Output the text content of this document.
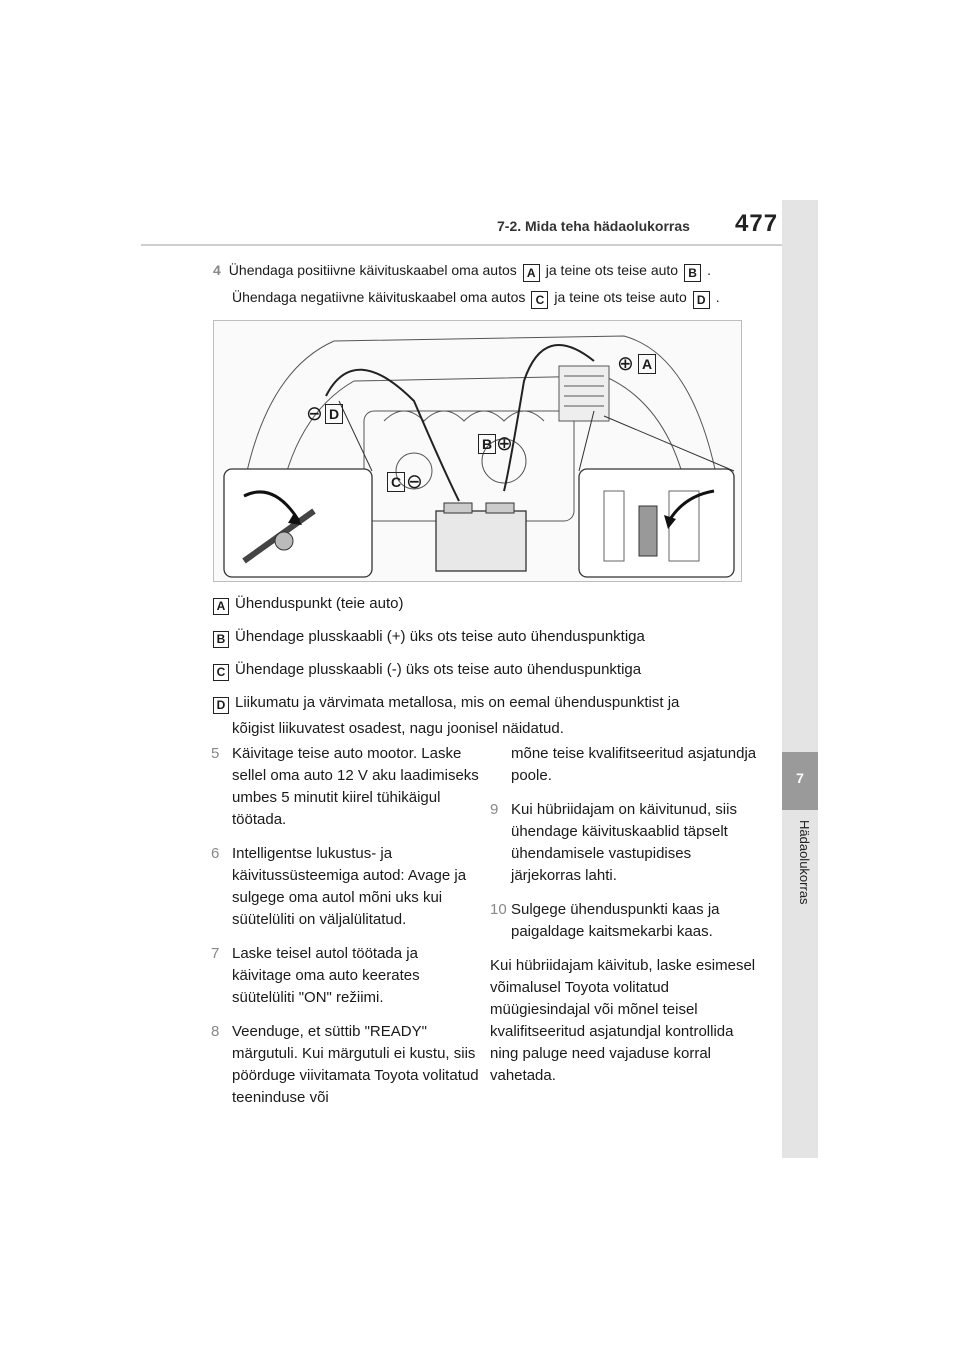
7-2. Mida teha hädaolukorras 477
7
Hädaolukorras
4 Ühendaga positiivne käivituskaabel oma autos A ja teine ots teise auto B .
Ühendaga negatiivne käivituskaabel oma autos C ja teine ots teise auto D .
⊕ A
⊖ D
B ⊕
C ⊖
A Ühenduspunkt (teie auto)
B Ühendage plusskaabli (+) üks ots teise auto ühenduspunktiga
C Ühendage plusskaabli (-) üks ots teise auto ühenduspunktiga
D Liikumatu ja värvimata metallosa, mis on eemal ühenduspunktist ja
kõigist liikuvatest osadest, nagu joonisel näidatud.
5 Käivitage teise auto mootor. Laske sellel oma auto 12 V aku laadimiseks umbes 5 minutit kiirel tühikäigul töötada.
6 Intelligentse lukustus- ja käivitussüsteemiga autod: Avage ja sulgege oma autol mõni uks kui süütelüliti on väljalülitatud.
7 Laske teisel autol töötada ja käivitage oma auto keerates süütelüliti "ON" režiimi.
8 Veenduge, et süttib "READY" märgutuli. Kui märgutuli ei kustu, siis pöörduge viivitamata Toyota volitatud teeninduse või
mõne teise kvalifitseeritud asjatundja poole.
9 Kui hübriidajam on käivitunud, siis ühendage käivituskaablid täpselt ühendamisele vastupidises järjekorras lahti.
10 Sulgege ühenduspunkti kaas ja paigaldage kaitsmekarbi kaas.

Kui hübriidajam käivitub, laske esimesel võimalusel Toyota volitatud müügiesindajal või mõnel teisel kvalifitseeritud asjatundjal kontrollida ning paluge need vajaduse korral vahetada.
